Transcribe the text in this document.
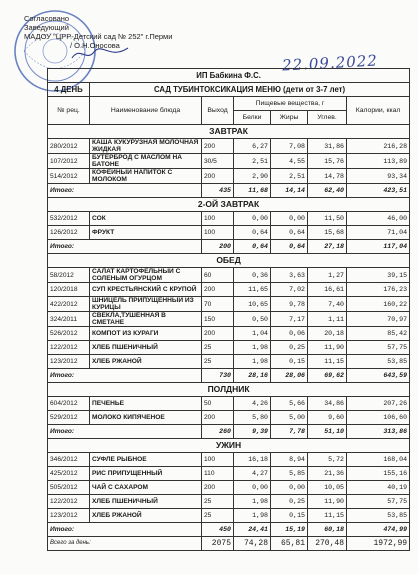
Согласовано
Заведующий
МАДОУ "ЦРР-Детский сад № 252" г.Перми
/ О.Н.Оносова
22.09.2022
ИП Бабкина Ф.С.						
4 ДЕНЬ	САД ТУБИНТОКСИКАЦИЯ МЕНЮ (дети от 3-7 лет)					
№ рец.	Наименование блюда	Выход	Пищевые вещества, г			Калории, ккал
			Белки	Жиры	Углев.	
ЗАВТРАК						
280/2012	КАША КУКУРУЗНАЯ МОЛОЧНАЯ ЖИДКАЯ	200	6,27	7,08	31,86	216,28
107/2012	БУТЕРБРОД С МАСЛОМ НА БАТОНЕ	30/5	2,51	4,55	15,76	113,89
514/2012	КОФЕЙНЫЙ НАПИТОК С МОЛОКОМ	200	2,90	2,51	14,78	93,34
Итого:		435	11,68	14,14	62,40	423,51
2-ОЙ ЗАВТРАК						
532/2012	СОК	100	0,00	0,00	11,50	46,00
126/2012	ФРУКТ	100	0,64	0,64	15,68	71,04
Итого:		200	0,64	0,64	27,18	117,04
ОБЕД						
58/2012	САЛАТ КАРТОФЕЛЬНЫЙ С СОЛЕНЫМ ОГУРЦОМ	60	0,36	3,63	1,27	39,15
120/2018	СУП КРЕСТЬЯНСКИЙ С КРУПОЙ	200	11,65	7,02	16,61	176,23
422/2012	ШНИЦЕЛЬ ПРИПУЩЕННЫЙ ИЗ КУРИЦЫ	70	10,65	9,78	7,40	160,22
324/2011	СВЕКЛА,ТУШЕННАЯ В СМЕТАНЕ	150	0,50	7,17	1,11	70,97
526/2012	КОМПОТ ИЗ КУРАГИ	200	1,04	0,06	20,18	85,42
122/2012	ХЛЕБ ПШЕНИЧНЫЙ	25	1,98	0,25	11,90	57,75
123/2012	ХЛЕБ РЖАНОЙ	25	1,98	0,15	11,15	53,85
Итого:		730	28,16	28,06	69,62	643,59
ПОЛДНИК						
604/2012	ПЕЧЕНЬЕ	50	4,26	5,66	34,86	207,26
529/2012	МОЛОКО КИПЯЧЕНОЕ	200	5,80	5,00	9,60	106,60
Итого:		260	9,39	7,78	51,10	313,86
УЖИН						
346/2012	СУФЛЕ РЫБНОЕ	100	16,18	8,94	5,72	168,04
425/2012	РИС ПРИПУЩЕННЫЙ	110	4,27	5,85	21,36	155,16
505/2012	ЧАЙ С САХАРОМ	200	0,00	0,00	10,05	40,19
122/2012	ХЛЕБ ПШЕНИЧНЫЙ	25	1,98	0,25	11,90	57,75
123/2012	ХЛЕБ РЖАНОЙ	25	1,98	0,15	11,15	53,85
Итого:		450	24,41	15,19	60,18	474,99
Всего за день:		2075	74,28	65,81	270,48	1972,99
